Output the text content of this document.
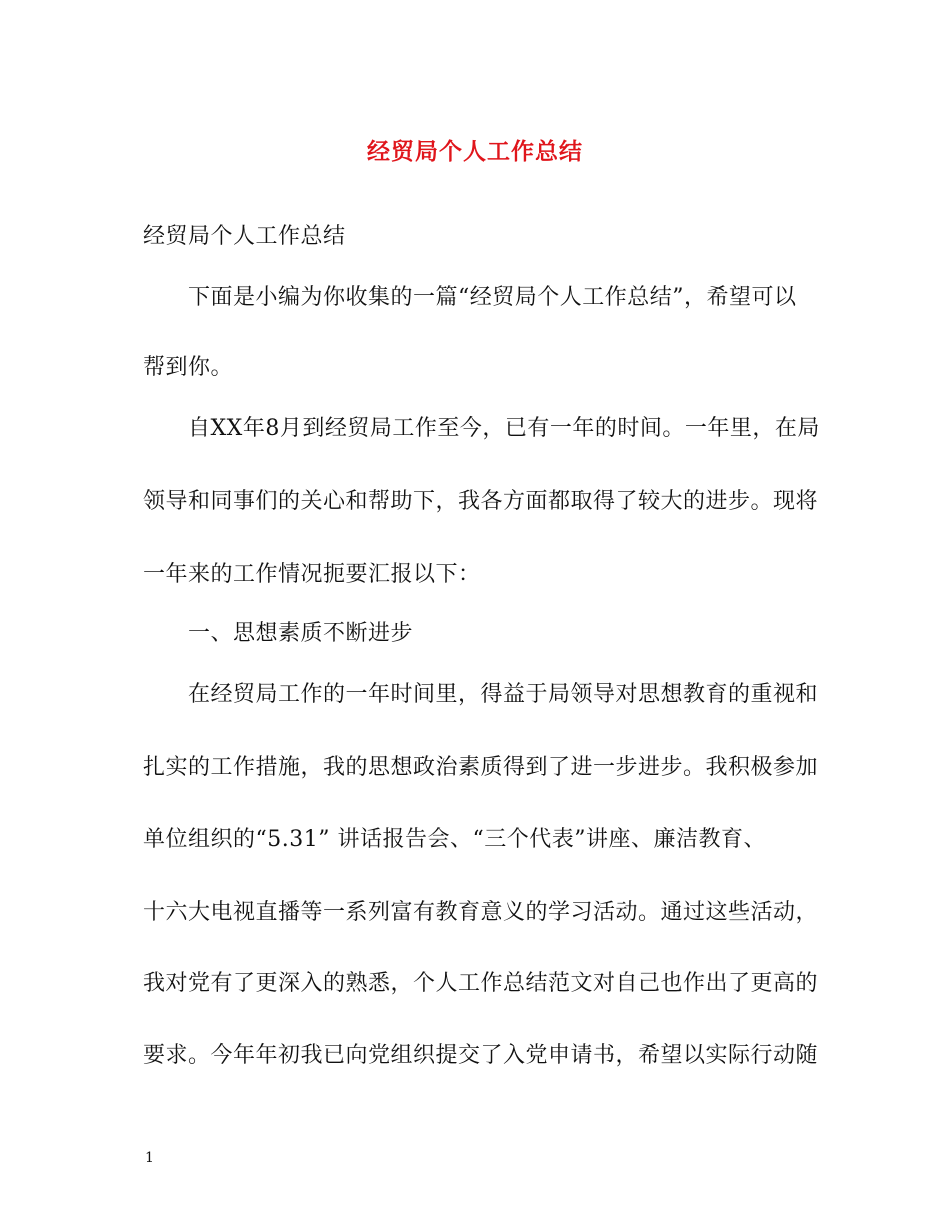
经贸局个人工作总结
经贸局个人工作总结
下面是小编为你收集的一篇“经贸局个人工作总结”，希望可以
帮到你。
自XX年8月到经贸局工作至今，已有一年的时间。一年里，在局
领导和同事们的关心和帮助下，我各方面都取得了较大的进步。现将
一年来的工作情况扼要汇报以下：
一、思想素质不断进步
在经贸局工作的一年时间里，得益于局领导对思想教育的重视和
扎实的工作措施，我的思想政治素质得到了进一步进步。我积极参加
单位组织的“5.31” 讲话报告会、“三个代表”讲座、廉洁教育、
十六大电视直播等一系列富有教育意义的学习活动。通过这些活动，
我对党有了更深入的熟悉，个人工作总结范文对自己也作出了更高的
要求。今年年初我已向党组织提交了入党申请书，希望以实际行动随
1
